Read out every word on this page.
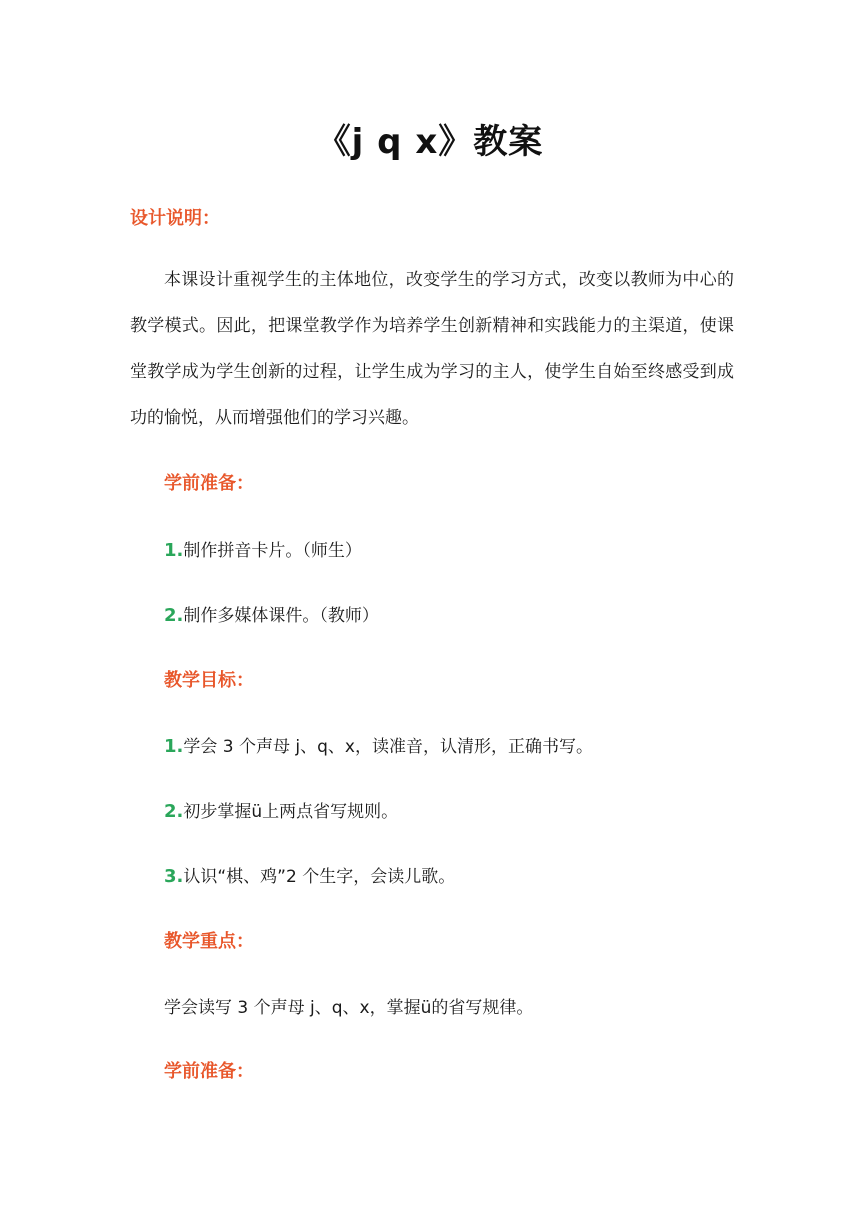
《j q x》教案
设计说明：
本课设计重视学生的主体地位，改变学生的学习方式，改变以教师为中心的
教学模式。因此，把课堂教学作为培养学生创新精神和实践能力的主渠道，使课
堂教学成为学生创新的过程，让学生成为学习的主人，使学生自始至终感受到成
功的愉悦，从而增强他们的学习兴趣。
学前准备：
1.制作拼音卡片。（师生）
2.制作多媒体课件。（教师）
教学目标：
1.学会 3 个声母 j、q、x，读准音，认清形，正确书写。
2.初步掌握ü上两点省写规则。
3.认识“棋、鸡”2 个生字，会读儿歌。
教学重点：
学会读写 3 个声母 j、q、x，掌握ü的省写规律。
学前准备：
